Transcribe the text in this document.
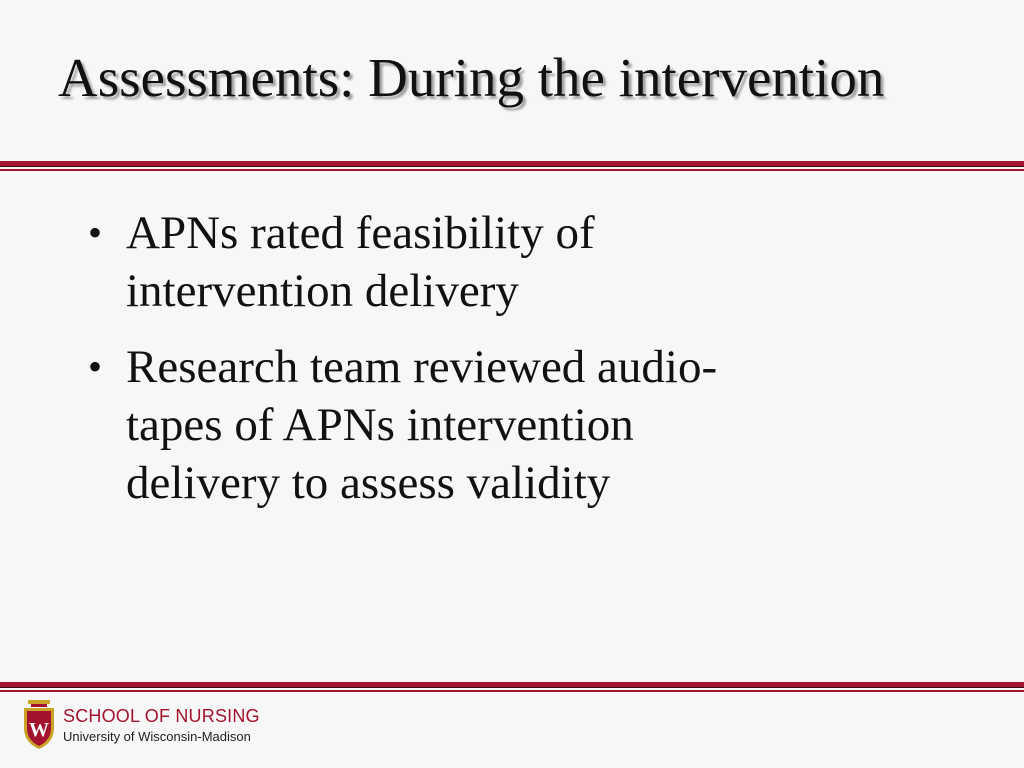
Assessments: During the intervention
• APNs rated feasibility of
intervention delivery
• Research team reviewed audio-
tapes of APNs intervention
delivery to assess validity
W
SCHOOL OF NURSING
University of Wisconsin-Madison
